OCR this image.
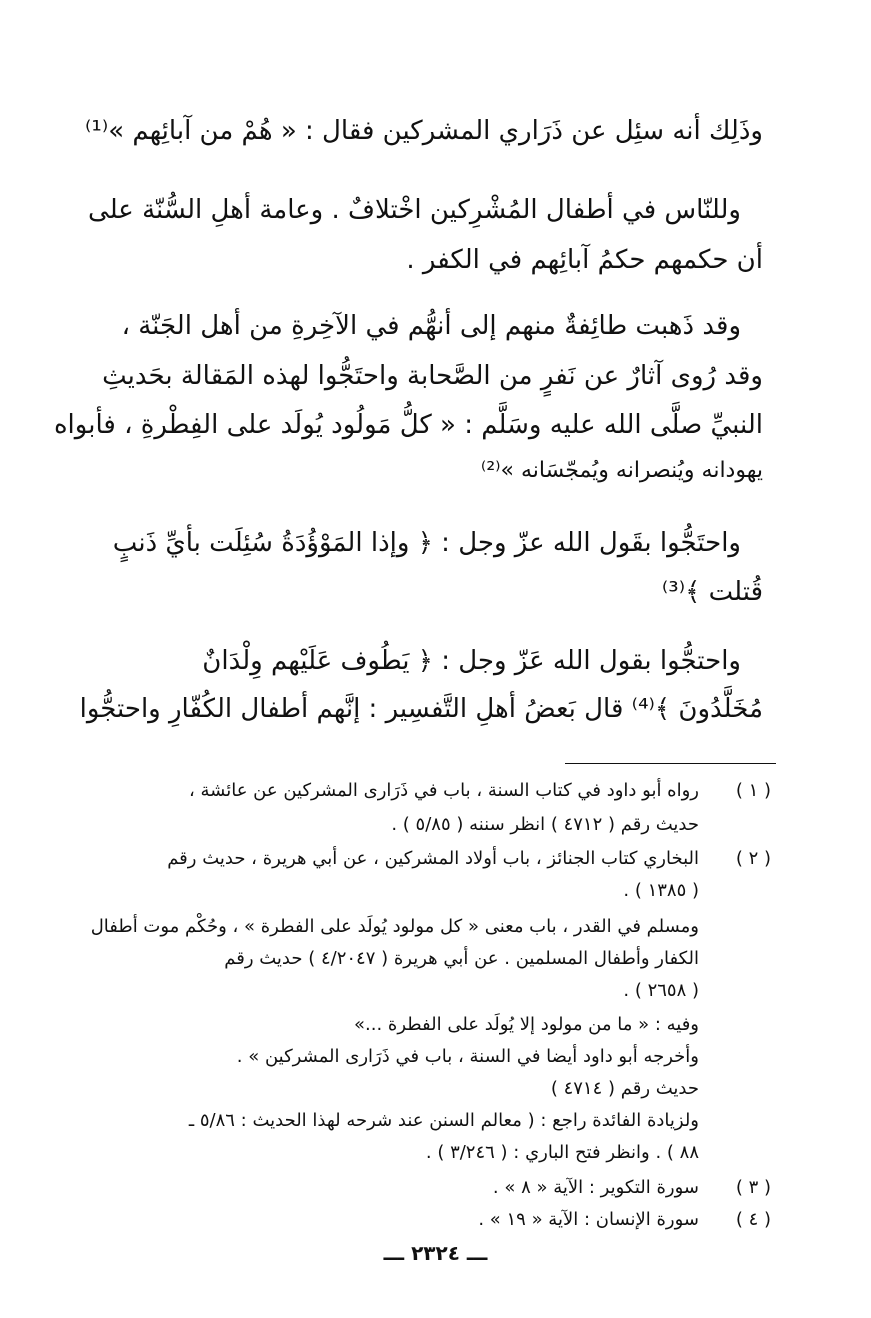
وذَلِك أنه سئِل عن ذَرَاري المشركين فقال : « هُمْ من آبائِهم »⁽¹⁾
وللنّاس في أطفال المُشْرِكين اخْتلافٌ . وعامة أهلِ السُّنّة على
أن حكمهم حكمُ آبائِهم في الكفر .
وقد ذَهبت طائِفةٌ منهم إلى أنهُّم في الآخِرةِ من أهل الجَنّة ،
وقد رُوى آثارٌ عن نَفرٍ من الصَّحابة واحتَجُّوا لهذه المَقالة بحَديثِ
النبيِّ صلَّى الله عليه وسَلَّم : « كلُّ مَولُود يُولَد على الفِطْرةِ ، فأبواه
يهودانه ويُنصرانه ويُمجّسَانه »⁽²⁾
واحتَجُّوا بقَول الله عزّ وجل : ﴿ وإذا المَوْؤُدَةُ سُئِلَت بأيِّ ذَنبٍ
قُتلت ﴾⁽³⁾
واحتجُّوا بقول الله عَزّ وجل : ﴿ يَطُوف عَلَيْهم وِلْدَانٌ
مُخَلَّدُونَ ﴾⁽⁴⁾ قال بَعضُ أهلِ التَّفسِير : إنَّهم أطفال الكُفّارِ واحتجُّوا
( ١ )
رواه أبو داود في كتاب السنة ، باب في ذَرَارى المشركين عن عائشة ،
حديث رقم ( ٤٧١٢ ) انظر سننه ( ٥/٨٥ ) .
( ٢ )
البخاري كتاب الجنائز ، باب أولاد المشركين ، عن أبي هريرة ، حديث رقم
( ١٣٨٥ ) .
ومسلم في القدر ، باب معنى « كل مولود يُولَد على الفطرة » ، وحُكْم موت أطفال
الكفار وأطفال المسلمين . عن أبي هريرة ( ٤/٢٠٤٧ ) حديث رقم
( ٢٦٥٨ ) .
وفيه : « ما من مولود إلا يُولَد على الفطرة ...»
وأخرجه أبو داود أيضا في السنة ، باب في ذَرَارى المشركين » .
حديث رقم ( ٤٧١٤ )
ولزيادة الفائدة راجع : ( معالم السنن عند شرحه لهذا الحديث : ٥/٨٦ ـ
٨٨ ) . وانظر فتح الباري : ( ٣/٢٤٦ ) .
( ٣ )
سورة التكوير : الآية « ٨ » .
( ٤ )
سورة الإنسان : الآية « ١٩ » .
ـــ ٢٣٢٤ ـــ
